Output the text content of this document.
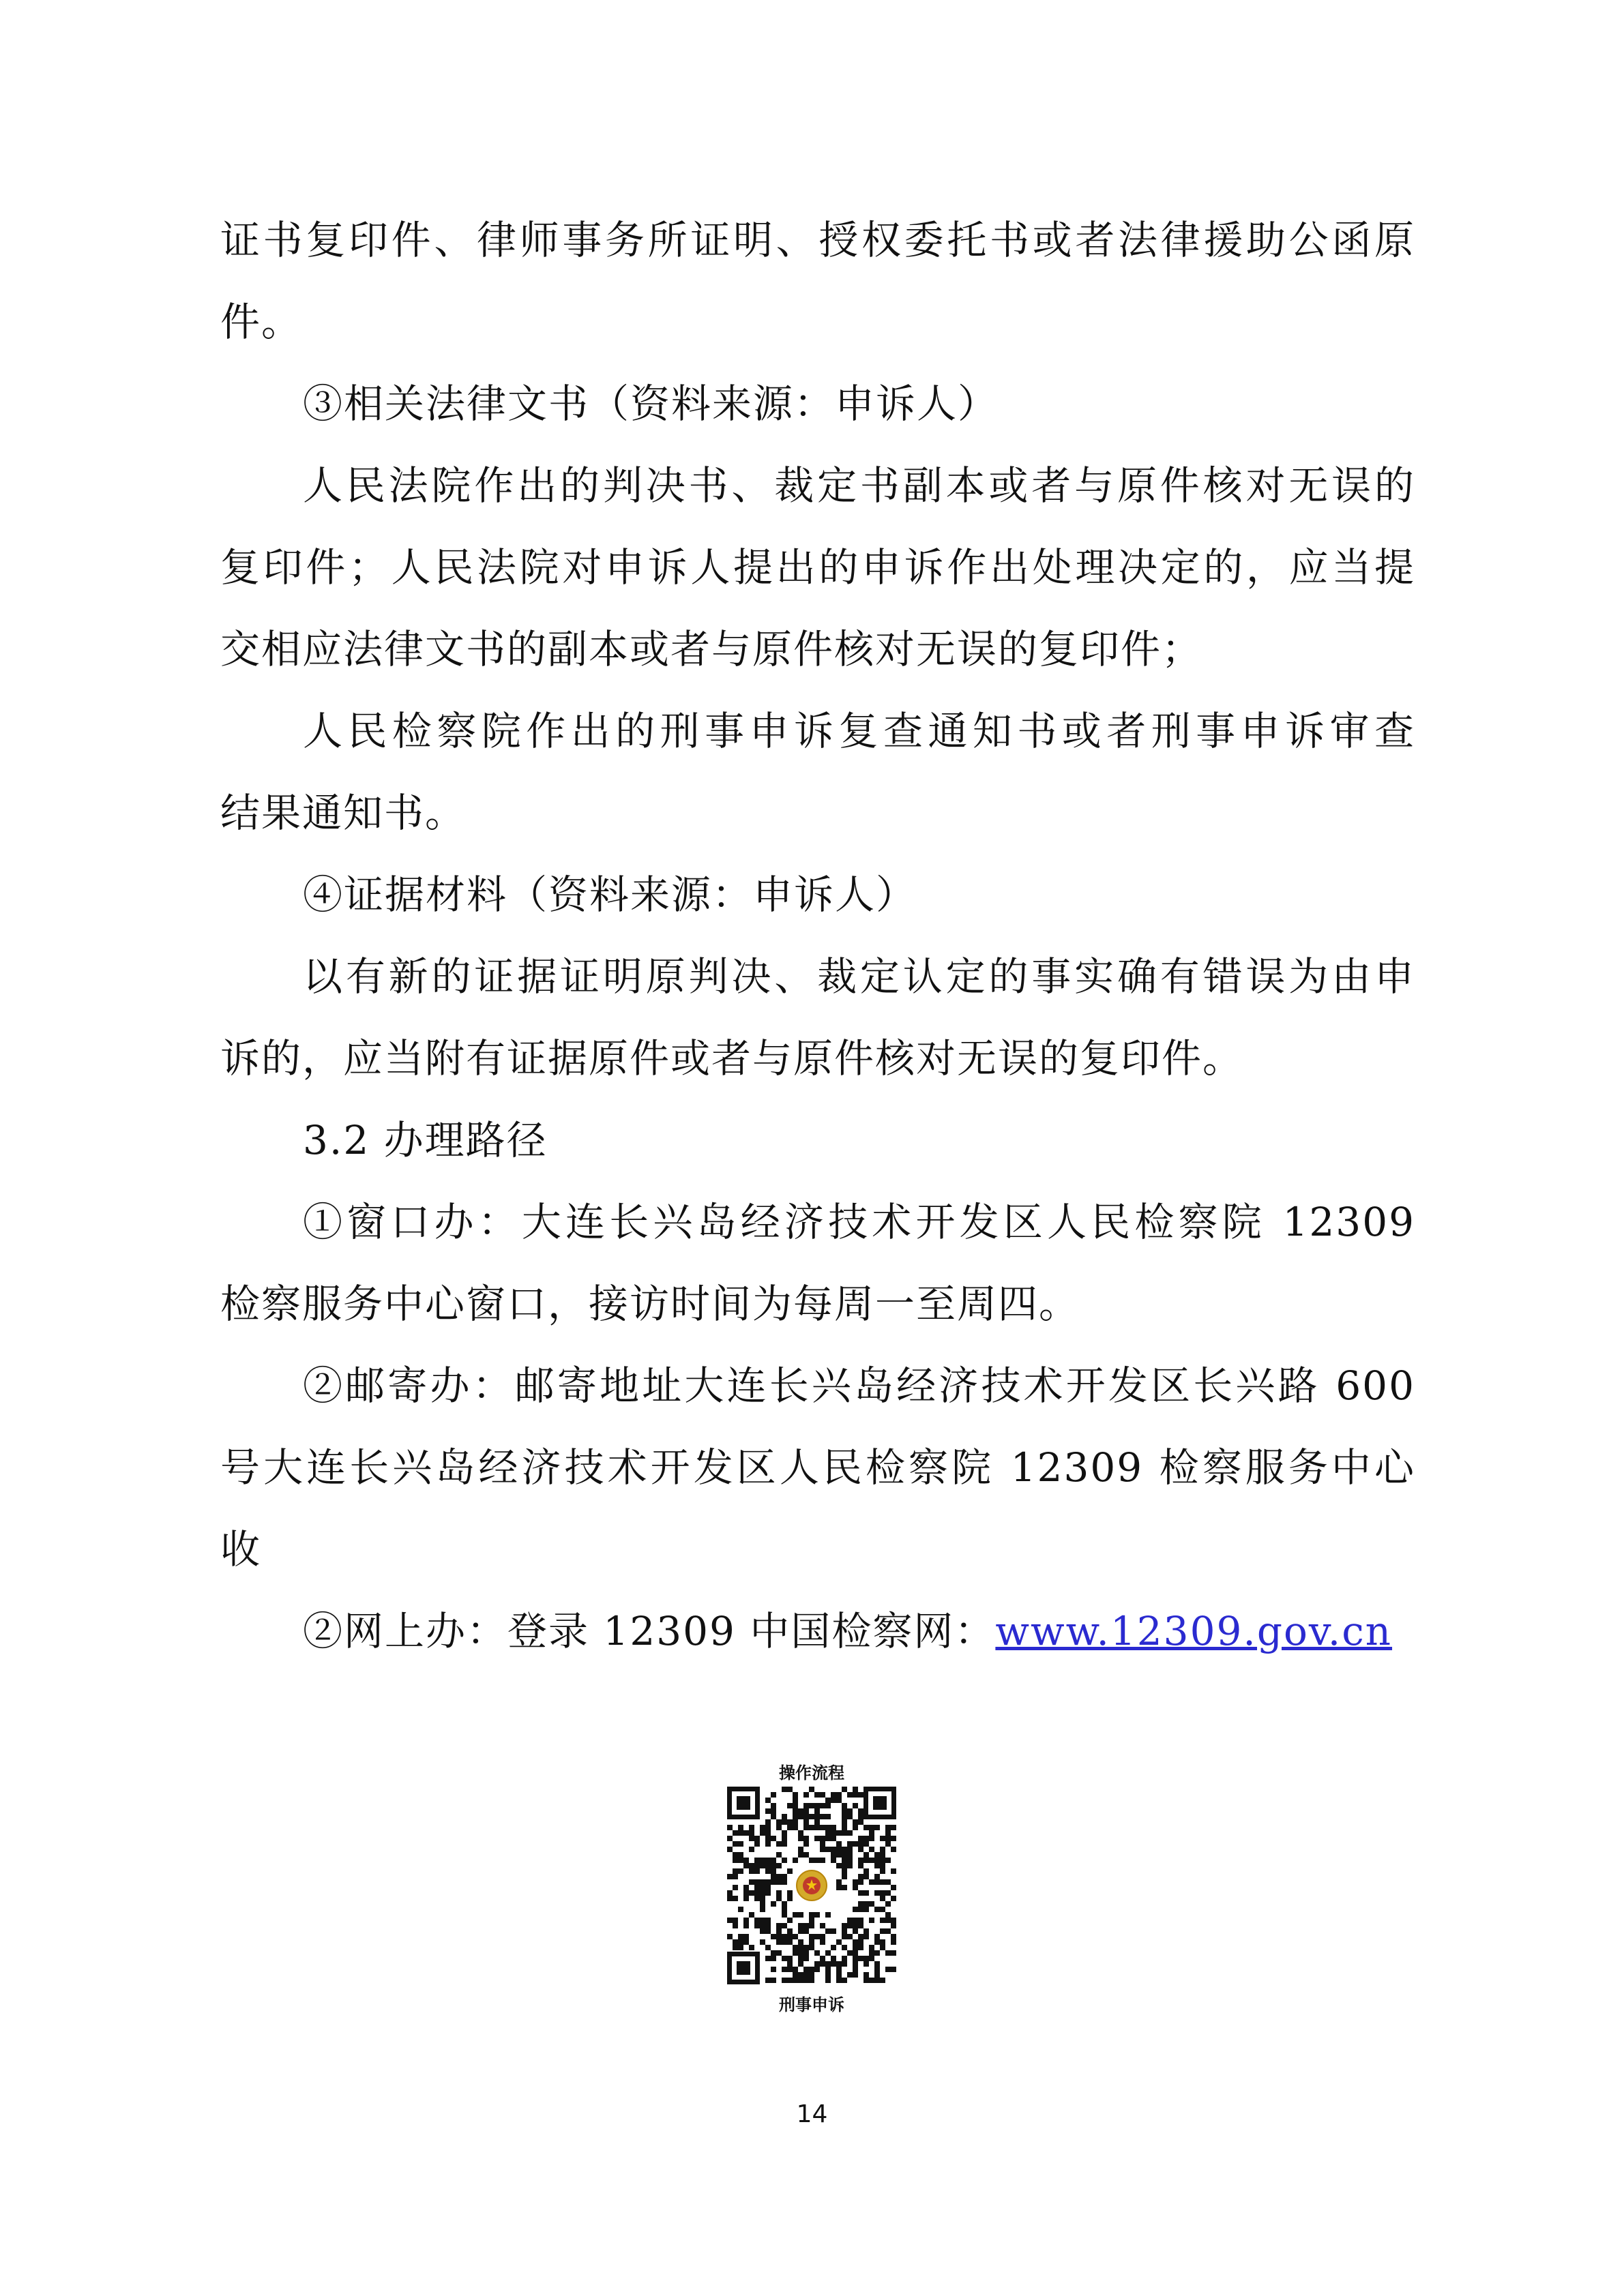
证书复印件、律师事务所证明、授权委托书或者法律援助公函原
件。
③相关法律文书（资料来源：申诉人）
人民法院作出的判决书、裁定书副本或者与原件核对无误的
复印件；人民法院对申诉人提出的申诉作出处理决定的，应当提
交相应法律文书的副本或者与原件核对无误的复印件；
人民检察院作出的刑事申诉复查通知书或者刑事申诉审查
结果通知书。
④证据材料（资料来源：申诉人）
以有新的证据证明原判决、裁定认定的事实确有错误为由申
诉的，应当附有证据原件或者与原件核对无误的复印件。
3.2 办理路径
①窗口办：大连长兴岛经济技术开发区人民检察院 12309
检察服务中心窗口，接访时间为每周一至周四。
②邮寄办：邮寄地址大连长兴岛经济技术开发区长兴路 600
号大连长兴岛经济技术开发区人民检察院 12309 检察服务中心
收
②网上办：登录 12309 中国检察网：www.12309.gov.cn
操作流程
刑事申诉
14
